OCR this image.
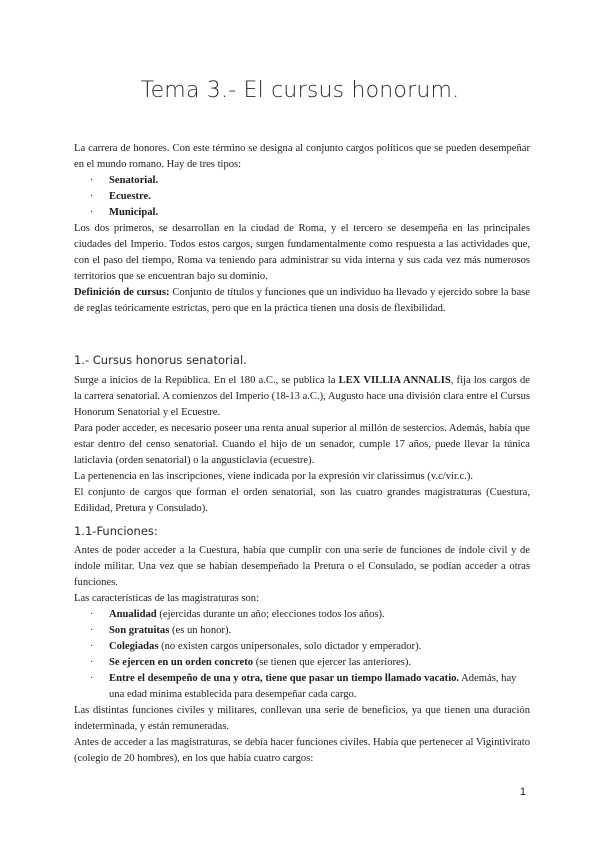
Tema 3.- El cursus honorum.

La carrera de honores. Con este término se designa al conjunto cargos políticos que se pueden desempeñar en el mundo romano. Hay de tres tipos:

· Senatorial.
· Ecuestre.
· Municipal.

Los dos primeros, se desarrollan en la ciudad de Roma, y el tercero se desempeña en las principales ciudades del Imperio. Todos estos cargos, surgen fundamentalmente como respuesta a las actividades que, con el paso del tiempo, Roma va teniendo para administrar su vida interna y sus cada vez más numerosos territorios que se encuentran bajo su dominio.

Definición de cursus: Conjunto de títulos y funciones que un individuo ha llevado y ejercido sobre la base de reglas teóricamente estrictas, pero que en la práctica tienen una dosis de flexibilidad.

1.- Cursus honorus senatorial.

Surge a inicios de la República. En el 180 a.C., se publica la LEX VILLIA ANNALIS, fija los cargos de la carrera senatorial. A comienzos del Imperio (18-13 a.C.), Augusto hace una división clara entre el Cursus Honorum Senatorial y el Ecuestre.

Para poder acceder, es necesario poseer una renta anual superior al millón de sestercios. Además, había que estar dentro del censo senatorial. Cuando el hijo de un senador, cumple 17 años, puede llevar la túnica laticlavia (orden senatorial) o la angusticlavia (ecuestre).

La pertenencia en las inscripciones, viene indicada por la expresión vir clarissimus (v.c/vir.c.).

El conjunto de cargos que forman el orden senatorial, son las cuatro grandes magistraturas (Cuestura, Edilidad, Pretura y Consulado).

1.1-Funciones:

Antes de poder acceder a la Cuestura, había que cumplir con una serie de funciones de índole civil y de índole militar. Una vez que se habían desempeñado la Pretura o el Consulado, se podían acceder a otras funciones.

Las características de las magistraturas son:

· Anualidad (ejercidas durante un año; elecciones todos los años).
· Son gratuitas (es un honor).
· Colegiadas (no existen cargos unipersonales, solo dictador y emperador).
· Se ejercen en un orden concreto (se tienen que ejercer las anteriores).
· Entre el desempeño de una y otra, tiene que pasar un tiempo llamado vacatio. Además, hay una edad mínima establecida para desempeñar cada cargo.

Las distintas funciones civiles y militares, conllevan una serie de beneficios, ya que tienen una duración indeterminada, y están remuneradas.

Antes de acceder a las magistraturas, se debía hacer funciones civiles. Había que pertenecer al Vigintivirato (colegio de 20 hombres), en los que había cuatro cargos:

1
